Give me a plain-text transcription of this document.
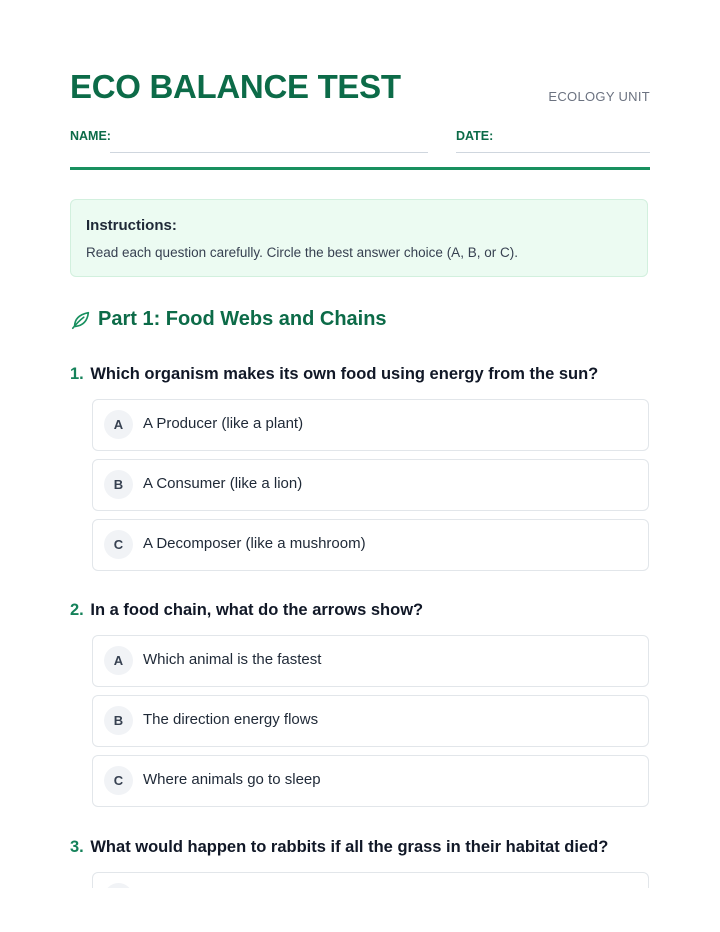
ECO BALANCE TEST	ECOLOGY UNIT
NAME:	DATE:
Instructions:
Read each question carefully. Circle the best answer choice (A, B, or C).
Part 1: Food Webs and Chains
1. Which organism makes its own food using energy from the sun?
A	A Producer (like a plant)
B	A Consumer (like a lion)
C	A Decomposer (like a mushroom)
2. In a food chain, what do the arrows show?
A	Which animal is the fastest
B	The direction energy flows
C	Where animals go to sleep
3. What would happen to rabbits if all the grass in their habitat died?
